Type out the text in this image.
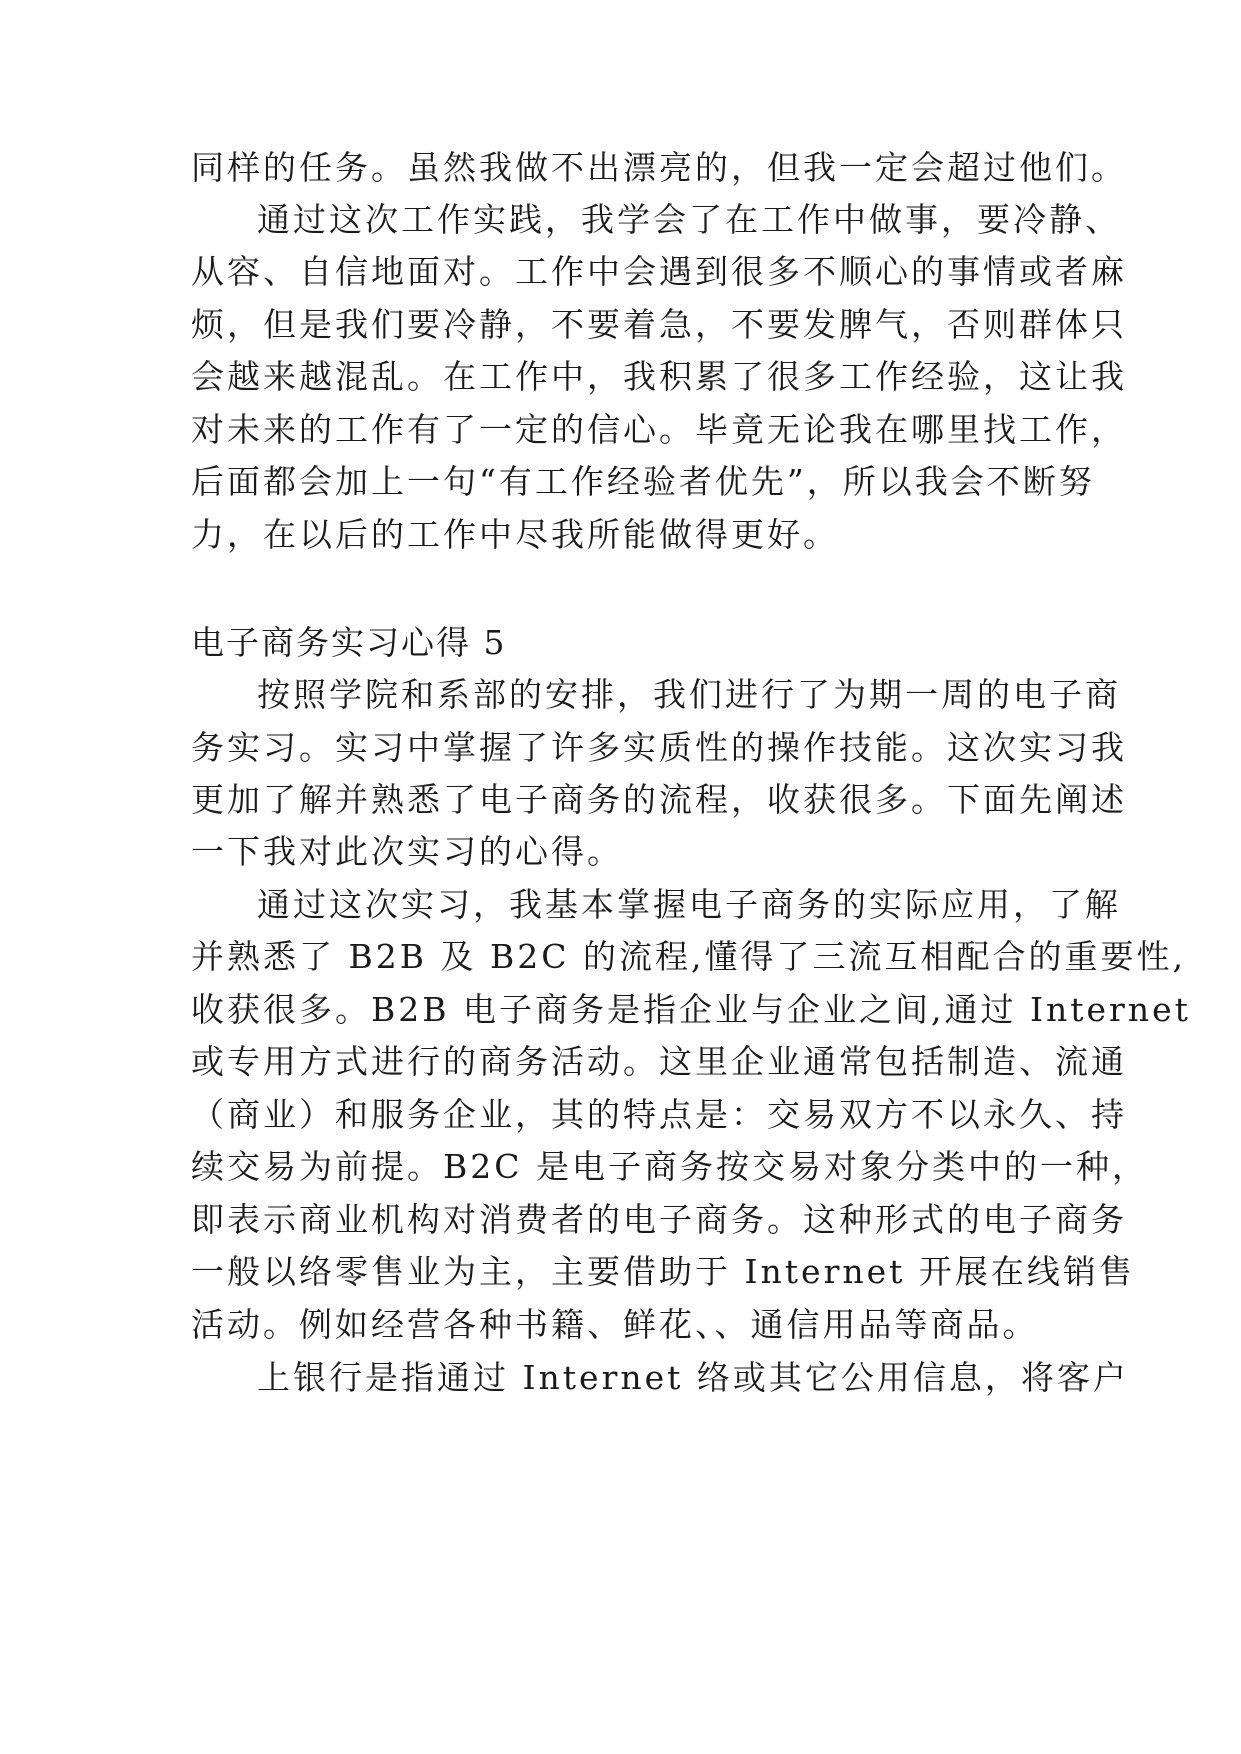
同样的任务。虽然我做不出漂亮的，但我一定会超过他们。

通过这次工作实践，我学会了在工作中做事，要冷静、

从容、自信地面对。工作中会遇到很多不顺心的事情或者麻

烦，但是我们要冷静，不要着急，不要发脾气，否则群体只

会越来越混乱。在工作中，我积累了很多工作经验，这让我

对未来的工作有了一定的信心。毕竟无论我在哪里找工作，

后面都会加上一句“有工作经验者优先”，所以我会不断努

力，在以后的工作中尽我所能做得更好。

电子商务实习心得 5

按照学院和系部的安排，我们进行了为期一周的电子商

务实习。实习中掌握了许多实质性的操作技能。这次实习我

更加了解并熟悉了电子商务的流程，收获很多。下面先阐述

一下我对此次实习的心得。

通过这次实习，我基本掌握电子商务的实际应用，了解

并熟悉了 B2B 及 B2C 的流程,懂得了三流互相配合的重要性,

收获很多。B2B 电子商务是指企业与企业之间,通过 Internet

或专用方式进行的商务活动。这里企业通常包括制造、流通

（商业）和服务企业，其的特点是：交易双方不以永久、持

续交易为前提。B2C 是电子商务按交易对象分类中的一种，

即表示商业机构对消费者的电子商务。这种形式的电子商务

一般以络零售业为主，主要借助于 Internet 开展在线销售

活动。例如经营各种书籍、鲜花、、通信用品等商品。

上银行是指通过 Internet 络或其它公用信息，将客户
